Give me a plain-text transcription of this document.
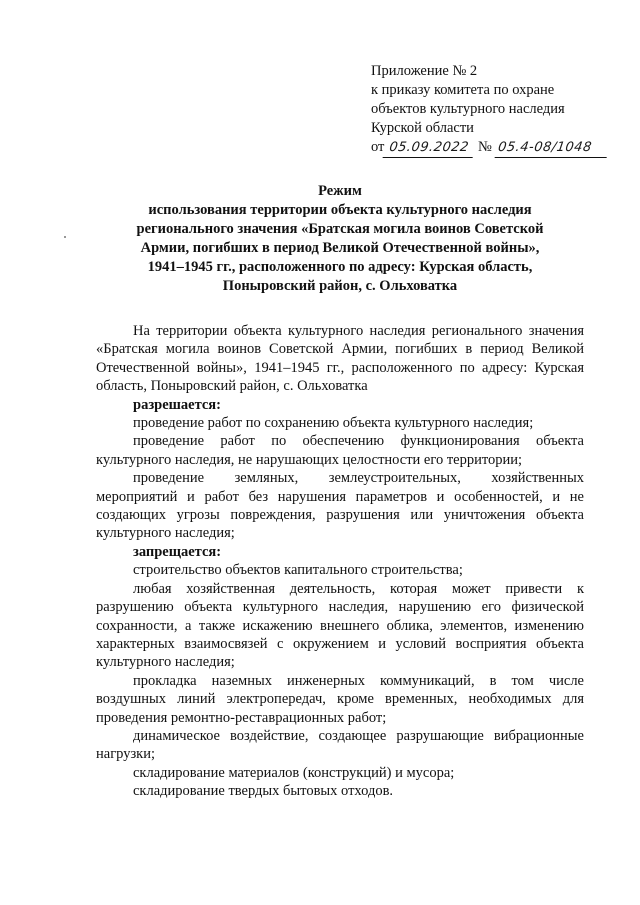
Приложение № 2
к приказу комитета по охране
объектов культурного наследия
Курской области
от 05.09.2022 № 05.4-08/1048
Режим
использования территории объекта культурного наследия
регионального значения «Братская могила воинов Советской
Армии, погибших в период Великой Отечественной войны»,
1941–1945 гг., расположенного по адресу: Курская область,
Поныровский район, с. Ольховатка

На территории объекта культурного наследия регионального значения «Братская могила воинов Советской Армии, погибших в период Великой Отечественной войны», 1941–1945 гг., расположенного по адресу: Курская область, Поныровский район, с. Ольховатка

разрешается:

проведение работ по сохранению объекта культурного наследия;

проведение работ по обеспечению функционирования объекта культурного наследия, не нарушающих целостности его территории;

проведение земляных, землеустроительных, хозяйственных мероприятий и работ без нарушения параметров и особенностей, и не создающих угрозы повреждения, разрушения или уничтожения объекта культурного наследия;

запрещается:

строительство объектов капитального строительства;

любая хозяйственная деятельность, которая может привести к разрушению объекта культурного наследия, нарушению его физической сохранности, а также искажению внешнего облика, элементов, изменению характерных взаимосвязей с окружением и условий восприятия объекта культурного наследия;

прокладка наземных инженерных коммуникаций, в том числе воздушных линий электропередач, кроме временных, необходимых для проведения ремонтно-реставрационных работ;

динамическое воздействие, создающее разрушающие вибрационные нагрузки;

складирование материалов (конструкций) и мусора;

складирование твердых бытовых отходов.
